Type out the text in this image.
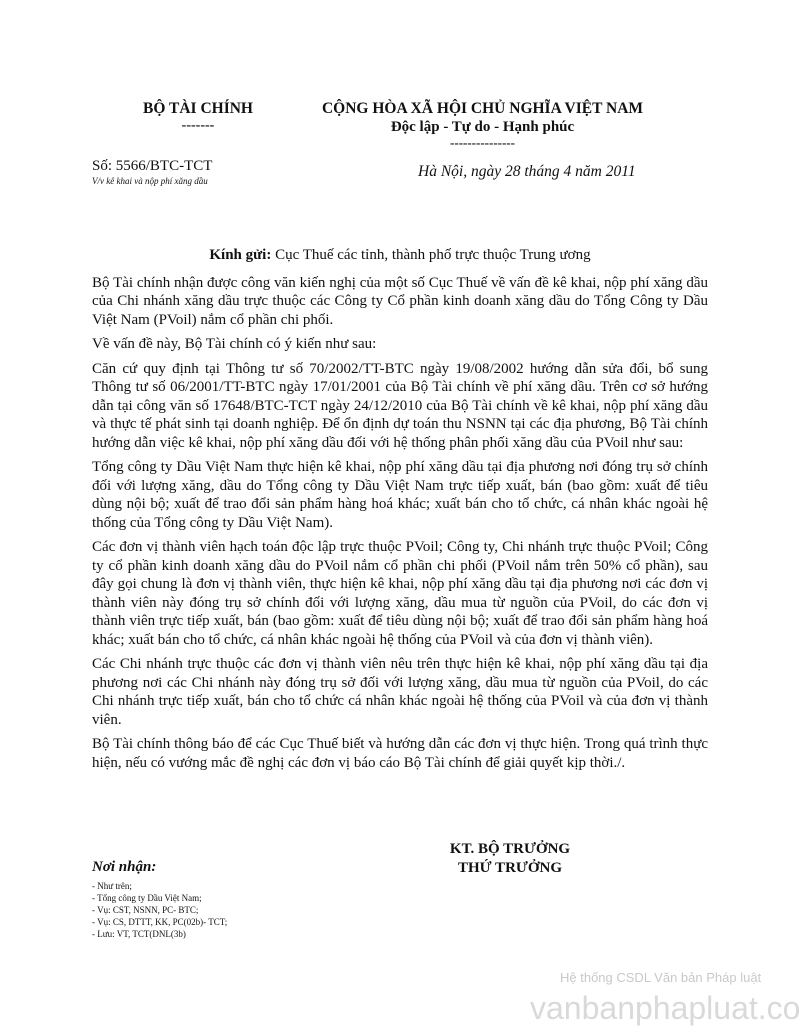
BỘ TÀI CHÍNH
-------
CỘNG HÒA XÃ HỘI CHỦ NGHĨA VIỆT NAM
Độc lập - Tự do - Hạnh phúc
---------------
Số: 5566/BTC-TCT
V/v kê khai và nộp phí xăng dầu
Hà Nội, ngày 28 tháng 4 năm 2011

Kính gửi: Cục Thuế các tỉnh, thành phố trực thuộc Trung ương

Bộ Tài chính nhận được công văn kiến nghị của một số Cục Thuế về vấn đề kê khai, nộp phí xăng dầu của Chi nhánh xăng dầu trực thuộc các Công ty Cổ phần kinh doanh xăng dầu do Tổng Công ty Dầu Việt Nam (PVoil) nắm cổ phần chi phối.

Về vấn đề này, Bộ Tài chính có ý kiến như sau:

Căn cứ quy định tại Thông tư số 70/2002/TT-BTC ngày 19/08/2002 hướng dẫn sửa đổi, bổ sung Thông tư số 06/2001/TT-BTC ngày 17/01/2001 của Bộ Tài chính về phí xăng dầu. Trên cơ sở hướng dẫn tại công văn số 17648/BTC-TCT ngày 24/12/2010 của Bộ Tài chính về kê khai, nộp phí xăng dầu và thực tế phát sinh tại doanh nghiệp. Để ổn định dự toán thu NSNN tại các địa phương, Bộ Tài chính hướng dẫn việc kê khai, nộp phí xăng dầu đối với hệ thống phân phối xăng dầu của PVoil như sau:

Tổng công ty Dầu Việt Nam thực hiện kê khai, nộp phí xăng dầu tại địa phương nơi đóng trụ sở chính đối với lượng xăng, dầu do Tổng công ty Dầu Việt Nam trực tiếp xuất, bán (bao gồm: xuất để tiêu dùng nội bộ; xuất để trao đổi sản phẩm hàng hoá khác; xuất bán cho tổ chức, cá nhân khác ngoài hệ thống của Tổng công ty Dầu Việt Nam).

Các đơn vị thành viên hạch toán độc lập trực thuộc PVoil; Công ty, Chi nhánh trực thuộc PVoil; Công ty cổ phần kinh doanh xăng dầu do PVoil nắm cổ phần chi phối (PVoil nắm trên 50% cổ phần), sau đây gọi chung là đơn vị thành viên, thực hiện kê khai, nộp phí xăng dầu tại địa phương nơi các đơn vị thành viên này đóng trụ sở chính đối với lượng xăng, dầu mua từ nguồn của PVoil, do các đơn vị thành viên trực tiếp xuất, bán (bao gồm: xuất để tiêu dùng nội bộ; xuất để trao đổi sản phẩm hàng hoá khác; xuất bán cho tổ chức, cá nhân khác ngoài hệ thống của PVoil và của đơn vị thành viên).

Các Chi nhánh trực thuộc các đơn vị thành viên nêu trên thực hiện kê khai, nộp phí xăng dầu tại địa phương nơi các Chi nhánh này đóng trụ sở đối với lượng xăng, dầu mua từ nguồn của PVoil, do các Chi nhánh trực tiếp xuất, bán cho tổ chức cá nhân khác ngoài hệ thống của PVoil và của đơn vị thành viên.

Bộ Tài chính thông báo để các Cục Thuế biết và hướng dẫn các đơn vị thực hiện. Trong quá trình thực hiện, nếu có vướng mắc đề nghị các đơn vị báo cáo Bộ Tài chính để giải quyết kịp thời./.

KT. BỘ TRƯỞNG
THỨ TRƯỞNG
Nơi nhận:
- Như trên;
- Tổng công ty Dầu Việt Nam;
- Vụ: CST, NSNN, PC- BTC;
- Vụ: CS, DTTT, KK, PC(02b)- TCT;
- Lưu: VT, TCT(DNL(3b)
Hệ thống CSDL Văn bản Pháp luật
vanbanphapluat.co
